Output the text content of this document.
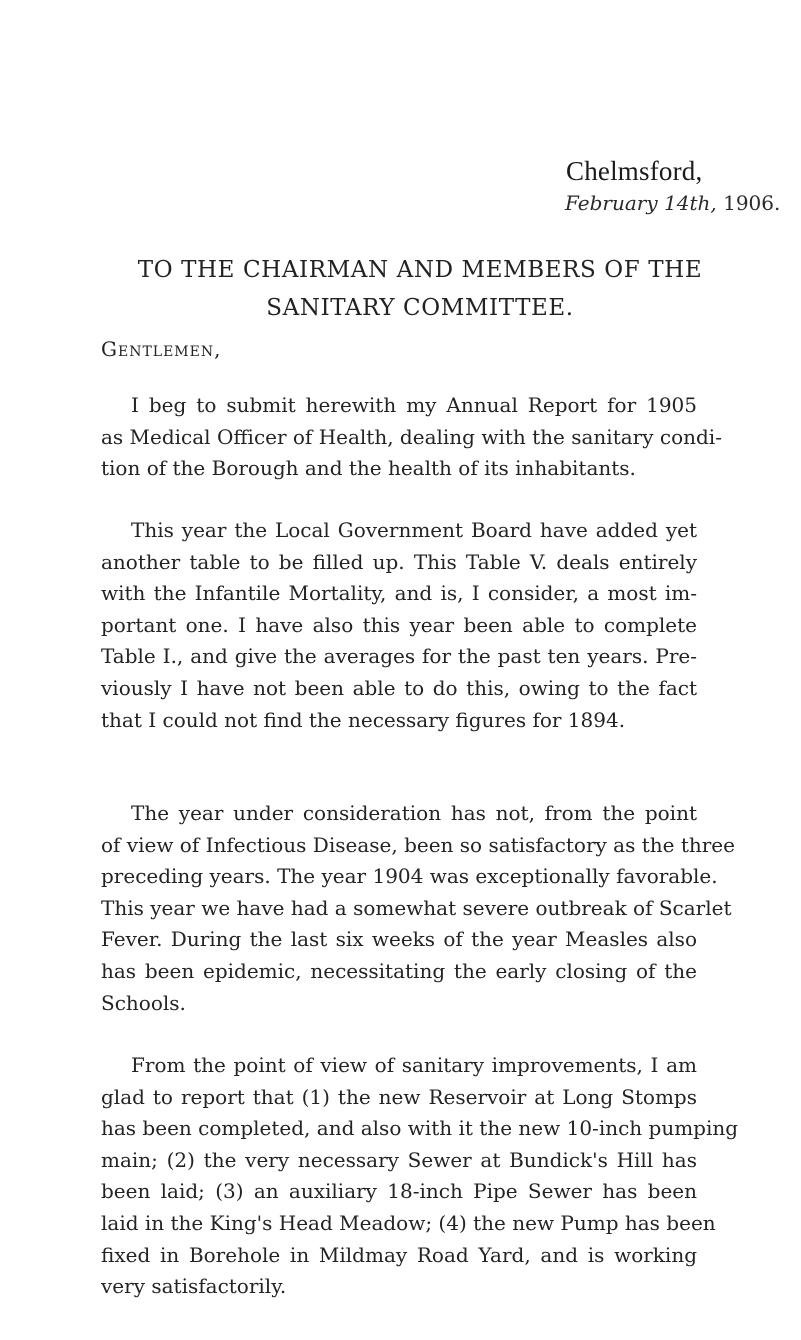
Chelmsford,
February 14th, 1906.
TO THE CHAIRMAN AND MEMBERS OF THE
SANITARY COMMITTEE.
Gentlemen,
I beg to submit herewith my Annual Report for 1905
as Medical Officer of Health, dealing with the sanitary condi-
tion of the Borough and the health of its inhabitants.
This year the Local Government Board have added yet
another table to be filled up. This Table V. deals entirely
with the Infantile Mortality, and is, I consider, a most im-
portant one. I have also this year been able to complete
Table I., and give the averages for the past ten years. Pre-
viously I have not been able to do this, owing to the fact
that I could not find the necessary figures for 1894.
The year under consideration has not, from the point
of view of Infectious Disease, been so satisfactory as the three
preceding years. The year 1904 was exceptionally favorable.
This year we have had a somewhat severe outbreak of Scarlet
Fever. During the last six weeks of the year Measles also
has been epidemic, necessitating the early closing of the
Schools.
From the point of view of sanitary improvements, I am
glad to report that (1) the new Reservoir at Long Stomps
has been completed, and also with it the new 10-inch pumping
main; (2) the very necessary Sewer at Bundick's Hill has
been laid; (3) an auxiliary 18-inch Pipe Sewer has been
laid in the King's Head Meadow; (4) the new Pump has been
fixed in Borehole in Mildmay Road Yard, and is working
very satisfactorily.
